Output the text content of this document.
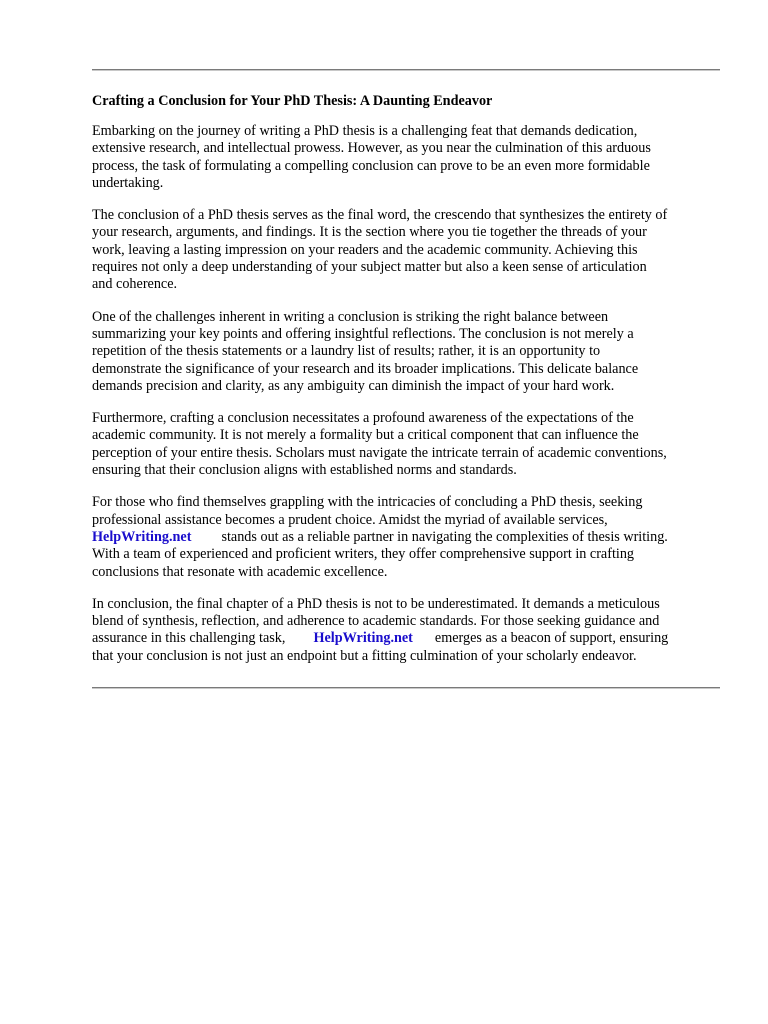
Crafting a Conclusion for Your PhD Thesis: A Daunting Endeavor
Embarking on the journey of writing a PhD thesis is a challenging feat that demands dedication,
extensive research, and intellectual prowess. However, as you near the culmination of this arduous
process, the task of formulating a compelling conclusion can prove to be an even more formidable
undertaking.
The conclusion of a PhD thesis serves as the final word, the crescendo that synthesizes the entirety of
your research, arguments, and findings. It is the section where you tie together the threads of your
work, leaving a lasting impression on your readers and the academic community. Achieving this
requires not only a deep understanding of your subject matter but also a keen sense of articulation
and coherence.
One of the challenges inherent in writing a conclusion is striking the right balance between
summarizing your key points and offering insightful reflections. The conclusion is not merely a
repetition of the thesis statements or a laundry list of results; rather, it is an opportunity to
demonstrate the significance of your research and its broader implications. This delicate balance
demands precision and clarity, as any ambiguity can diminish the impact of your hard work.
Furthermore, crafting a conclusion necessitates a profound awareness of the expectations of the
academic community. It is not merely a formality but a critical component that can influence the
perception of your entire thesis. Scholars must navigate the intricate terrain of academic conventions,
ensuring that their conclusion aligns with established norms and standards.
For those who find themselves grappling with the intricacies of concluding a PhD thesis, seeking
professional assistance becomes a prudent choice. Amidst the myriad of available services,
HelpWriting.net stands out as a reliable partner in navigating the complexities of thesis writing.
With a team of experienced and proficient writers, they offer comprehensive support in crafting
conclusions that resonate with academic excellence.
In conclusion, the final chapter of a PhD thesis is not to be underestimated. It demands a meticulous
blend of synthesis, reflection, and adherence to academic standards. For those seeking guidance and
assurance in this challenging task, HelpWriting.net emerges as a beacon of support, ensuring
that your conclusion is not just an endpoint but a fitting culmination of your scholarly endeavor.
